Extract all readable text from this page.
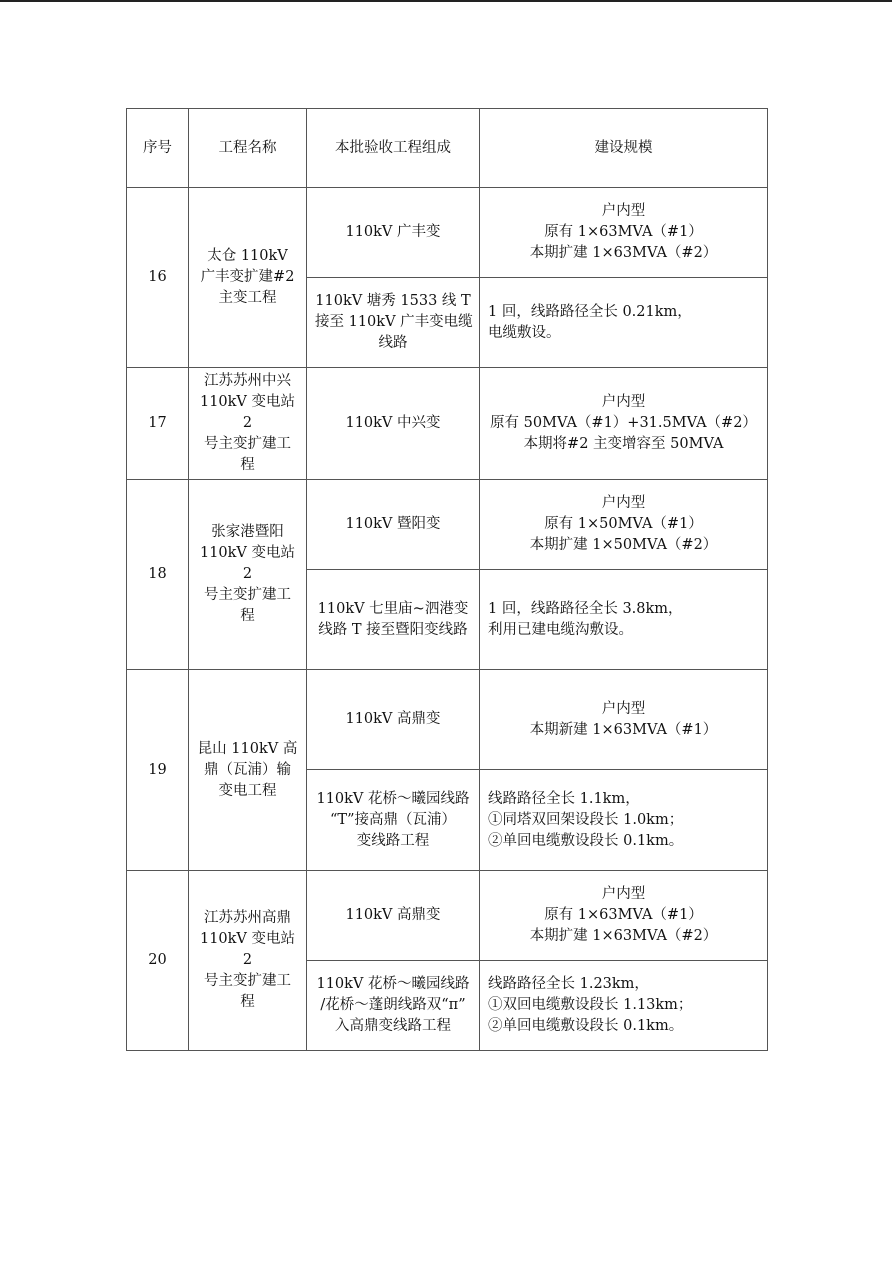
序号	工程名称	本批验收工程组成	建设规模
16	太仓 110kV
广丰变扩建#2
主变工程	110kV 广丰变	户内型
原有 1×63MVA（#1）
本期扩建 1×63MVA（#2）

		110kV 塘秀 1533 线 T
接至 110kV 广丰变电缆
线路	1 回，线路路径全长 0.21km，
电缆敷设。

17	江苏苏州中兴
110kV 变电站 2
号主变扩建工
程	110kV 中兴变	户内型
原有 50MVA（#1）+31.5MVA（#2）
本期将#2 主变增容至 50MVA

18	张家港暨阳
110kV 变电站 2
号主变扩建工
程	110kV 暨阳变	户内型
原有 1×50MVA（#1）
本期扩建 1×50MVA（#2）

		110kV 七里庙~泗港变
线路 T 接至暨阳变线路	1 回，线路路径全长 3.8km，
利用已建电缆沟敷设。

19	昆山 110kV 高
鼎（瓦浦）输
变电工程	110kV 高鼎变	户内型
本期新建 1×63MVA（#1）

		110kV 花桥～曦园线路
“T”接高鼎（瓦浦）
变线路工程	线路路径全长 1.1km，
①同塔双回架设段长 1.0km；
②单回电缆敷设段长 0.1km。

20	江苏苏州高鼎
110kV 变电站 2
号主变扩建工
程	110kV 高鼎变	户内型
原有 1×63MVA（#1）
本期扩建 1×63MVA（#2）

		110kV 花桥～曦园线路
/花桥～蓬朗线路双“π”
入高鼎变线路工程	线路路径全长 1.23km，
①双回电缆敷设段长 1.13km；
②单回电缆敷设段长 0.1km。
